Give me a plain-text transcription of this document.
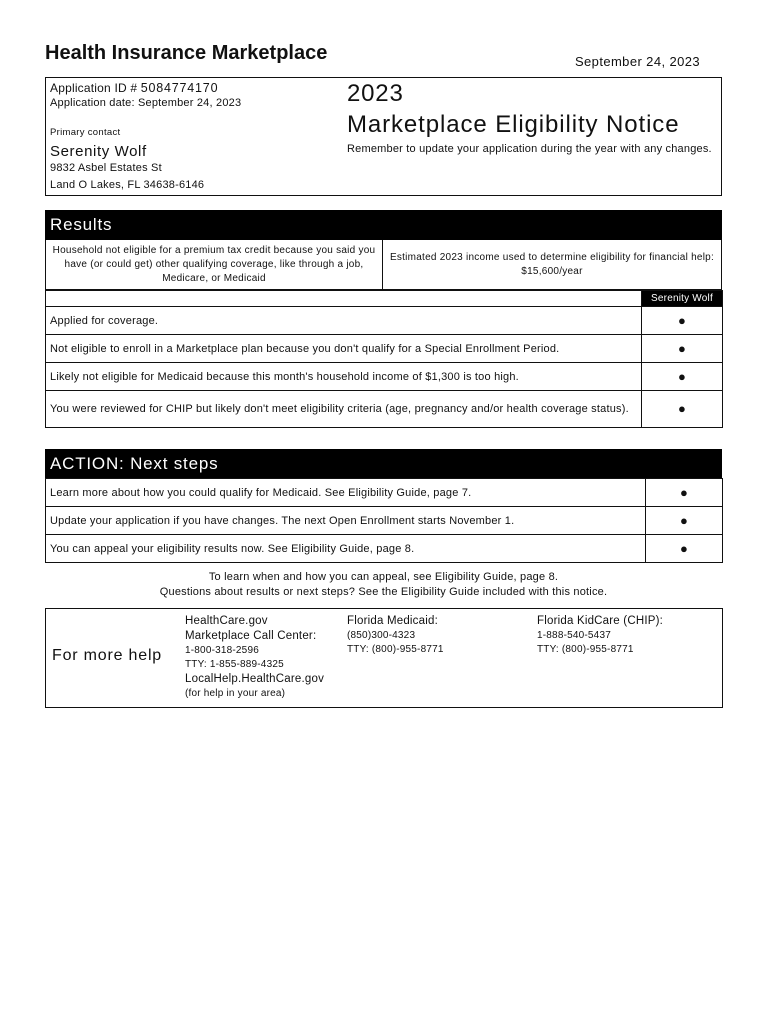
Health Insurance Marketplace	September 24, 2023
Application ID # 5084774170
Application date: September 24, 2023
Primary contact
Serenity Wolf
9832 Asbel Estates St
Land O Lakes, FL 34638-6146
2023
Marketplace Eligibility Notice
Remember to update your application during the year with any changes.
Results
Household not eligible for a premium tax credit because you said you have (or could get) other qualifying coverage, like through a job, Medicare, or Medicaid
Estimated 2023 income used to determine eligibility for financial help: $15,600/year
	Serenity Wolf
Applied for coverage.	●
Not eligible to enroll in a Marketplace plan because you don't qualify for a Special Enrollment Period.	●
Likely not eligible for Medicaid because this month's household income of $1,300 is too high.	●
You were reviewed for CHIP but likely don't meet eligibility criteria (age, pregnancy and/or health coverage status).	●
ACTION: Next steps
Learn more about how you could qualify for Medicaid. See Eligibility Guide, page 7.	●
Update your application if you have changes. The next Open Enrollment starts November 1.	●
You can appeal your eligibility results now. See Eligibility Guide, page 8.	●
To learn when and how you can appeal, see Eligibility Guide, page 8.
Questions about results or next steps? See the Eligibility Guide included with this notice.
For more help
HealthCare.gov
Marketplace Call Center:
1-800-318-2596
TTY: 1-855-889-4325
LocalHelp.HealthCare.gov
(for help in your area)
Florida Medicaid:
(850)300-4323
TTY: (800)-955-8771
Florida KidCare (CHIP):
1-888-540-5437
TTY: (800)-955-8771
